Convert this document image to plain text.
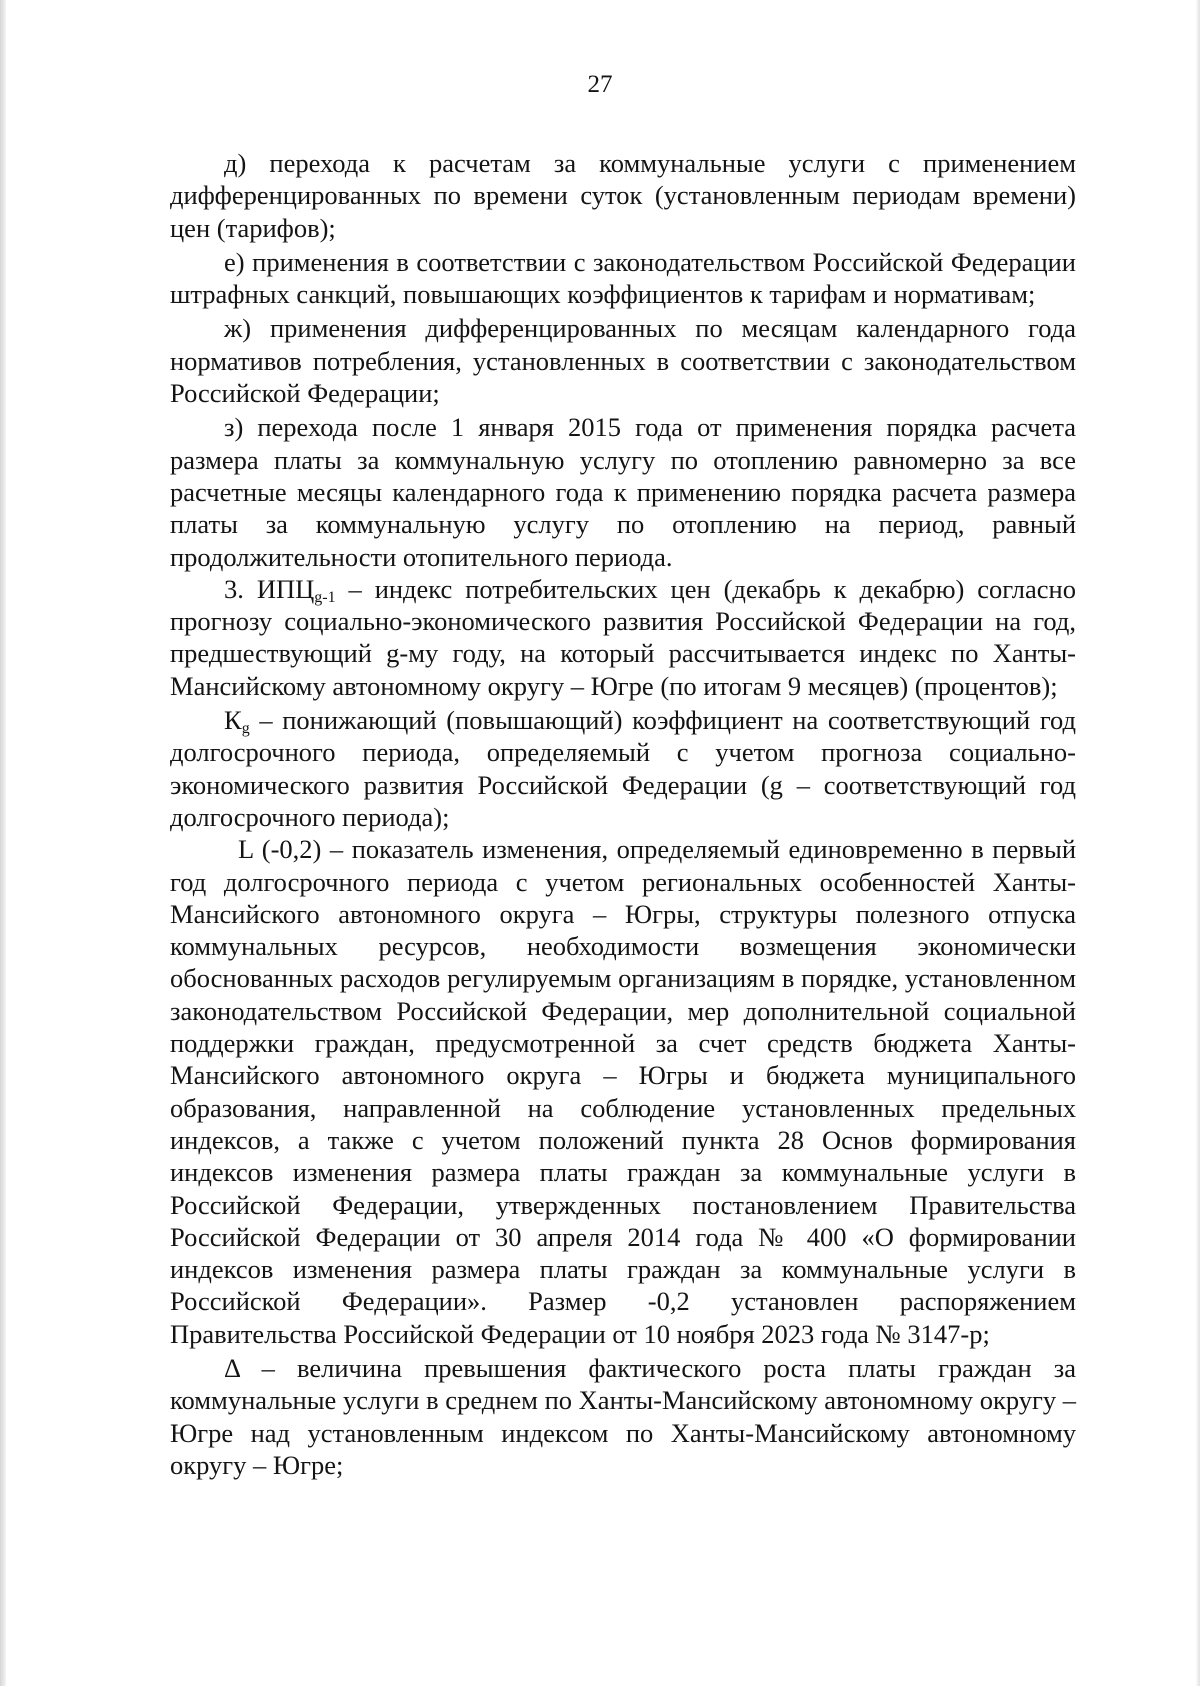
27

д) перехода к расчетам за коммунальные услуги с применением дифференцированных по времени суток (установленным периодам времени) цен (тарифов);

е) применения в соответствии с законодательством Российской Федерации штрафных санкций, повышающих коэффициентов к тарифам и нормативам;

ж) применения дифференцированных по месяцам календарного года нормативов потребления, установленных в соответствии с законодательством Российской Федерации;

з) перехода после 1 января 2015 года от применения порядка расчета размера платы за коммунальную услугу по отоплению равномерно за все расчетные месяцы календарного года к применению порядка расчета размера платы за коммунальную услугу по отоплению на период, равный продолжительности отопительного периода.

3. $ИПЦ_{g-1}$ – индекс потребительских цен (декабрь к декабрю) согласно прогнозу социально-экономического развития Российской Федерации на год, предшествующий g-му году, на который рассчитывается индекс по Ханты-Мансийскому автономному округу – Югре (по итогам 9 месяцев) (процентов);

$К_g$ – понижающий (повышающий) коэффициент на соответствующий год долгосрочного периода, определяемый с учетом прогноза социально-экономического развития Российской Федерации (g – соответствующий год долгосрочного периода);

L (-0,2) – показатель изменения, определяемый единовременно в первый год долгосрочного периода с учетом региональных особенностей Ханты-Мансийского автономного округа – Югры, структуры полезного отпуска коммунальных ресурсов, необходимости возмещения экономически обоснованных расходов регулируемым организациям в порядке, установленном законодательством Российской Федерации, мер дополнительной социальной поддержки граждан, предусмотренной за счет средств бюджета Ханты-Мансийского автономного округа – Югры и бюджета муниципального образования, направленной на соблюдение установленных предельных индексов, а также с учетом положений пункта 28 Основ формирования индексов изменения размера платы граждан за коммунальные услуги в Российской Федерации, утвержденных постановлением Правительства Российской Федерации от 30 апреля 2014 года № 400 «О формировании индексов изменения размера платы граждан за коммунальные услуги в Российской Федерации». Размер -0,2 установлен распоряжением Правительства Российской Федерации от 10 ноября 2023 года № 3147-р;

Δ – величина превышения фактического роста платы граждан за коммунальные услуги в среднем по Ханты-Мансийскому автономному округу – Югре над установленным индексом по Ханты-Мансийскому автономному округу – Югре;
